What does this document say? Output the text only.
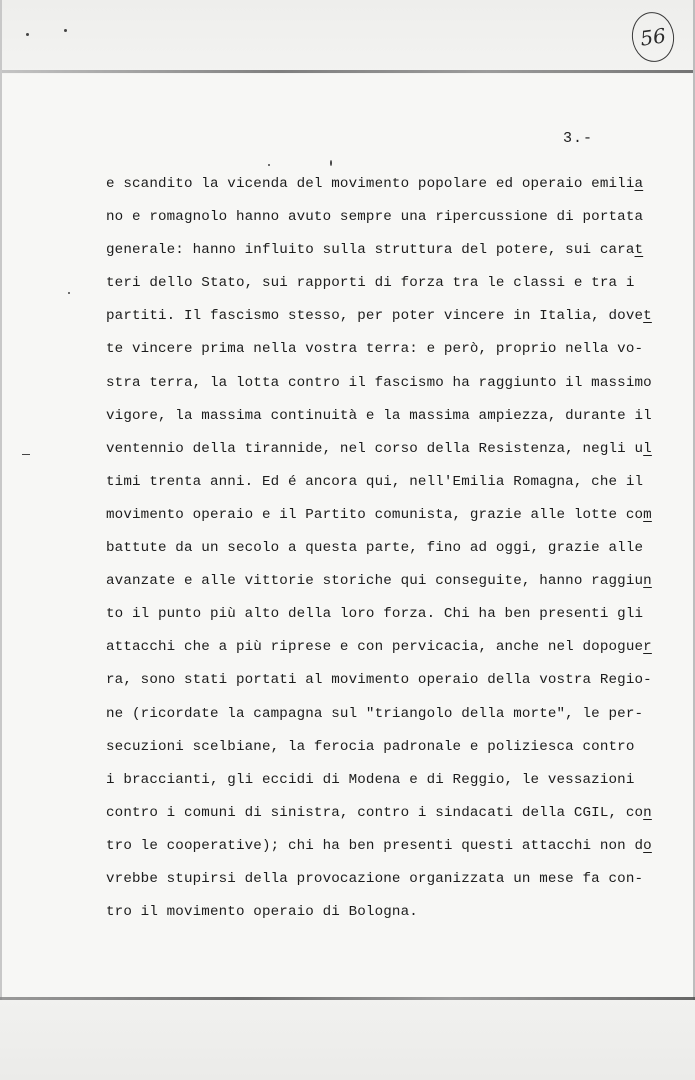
56
3.-
e scandito la vicenda del movimento popolare ed operaio emilia
no e romagnolo hanno avuto sempre una ripercussione di portata
generale: hanno influito sulla struttura del potere, sui carat
teri dello Stato, sui rapporti di forza tra le classi e tra i
partiti. Il fascismo stesso, per poter vincere in Italia, dovet
te vincere prima nella vostra terra: e però, proprio nella vo-
stra terra, la lotta contro il fascismo ha raggiunto il massimo
vigore, la massima continuità e la massima ampiezza, durante il
ventennio della tirannide, nel corso della Resistenza, negli ul
timi trenta anni. Ed é ancora qui, nell'Emilia Romagna, che il
movimento operaio e il Partito comunista, grazie alle lotte com
battute da un secolo a questa parte, fino ad oggi, grazie alle
avanzate e alle vittorie storiche qui conseguite, hanno raggiun
to il punto più alto della loro forza. Chi ha ben presenti gli
attacchi che a più riprese e con pervicacia, anche nel dopoguer
ra, sono stati portati al movimento operaio della vostra Regio-
ne (ricordate la campagna sul "triangolo della morte", le per-
secuzioni scelbiane, la ferocia padronale e poliziesca contro
i braccianti, gli eccidi di Modena e di Reggio, le vessazioni
contro i comuni di sinistra, contro i sindacati della CGIL, con
tro le cooperative); chi ha ben presenti questi attacchi non do
vrebbe stupirsi della provocazione organizzata un mese fa con-
tro il movimento operaio di Bologna.
